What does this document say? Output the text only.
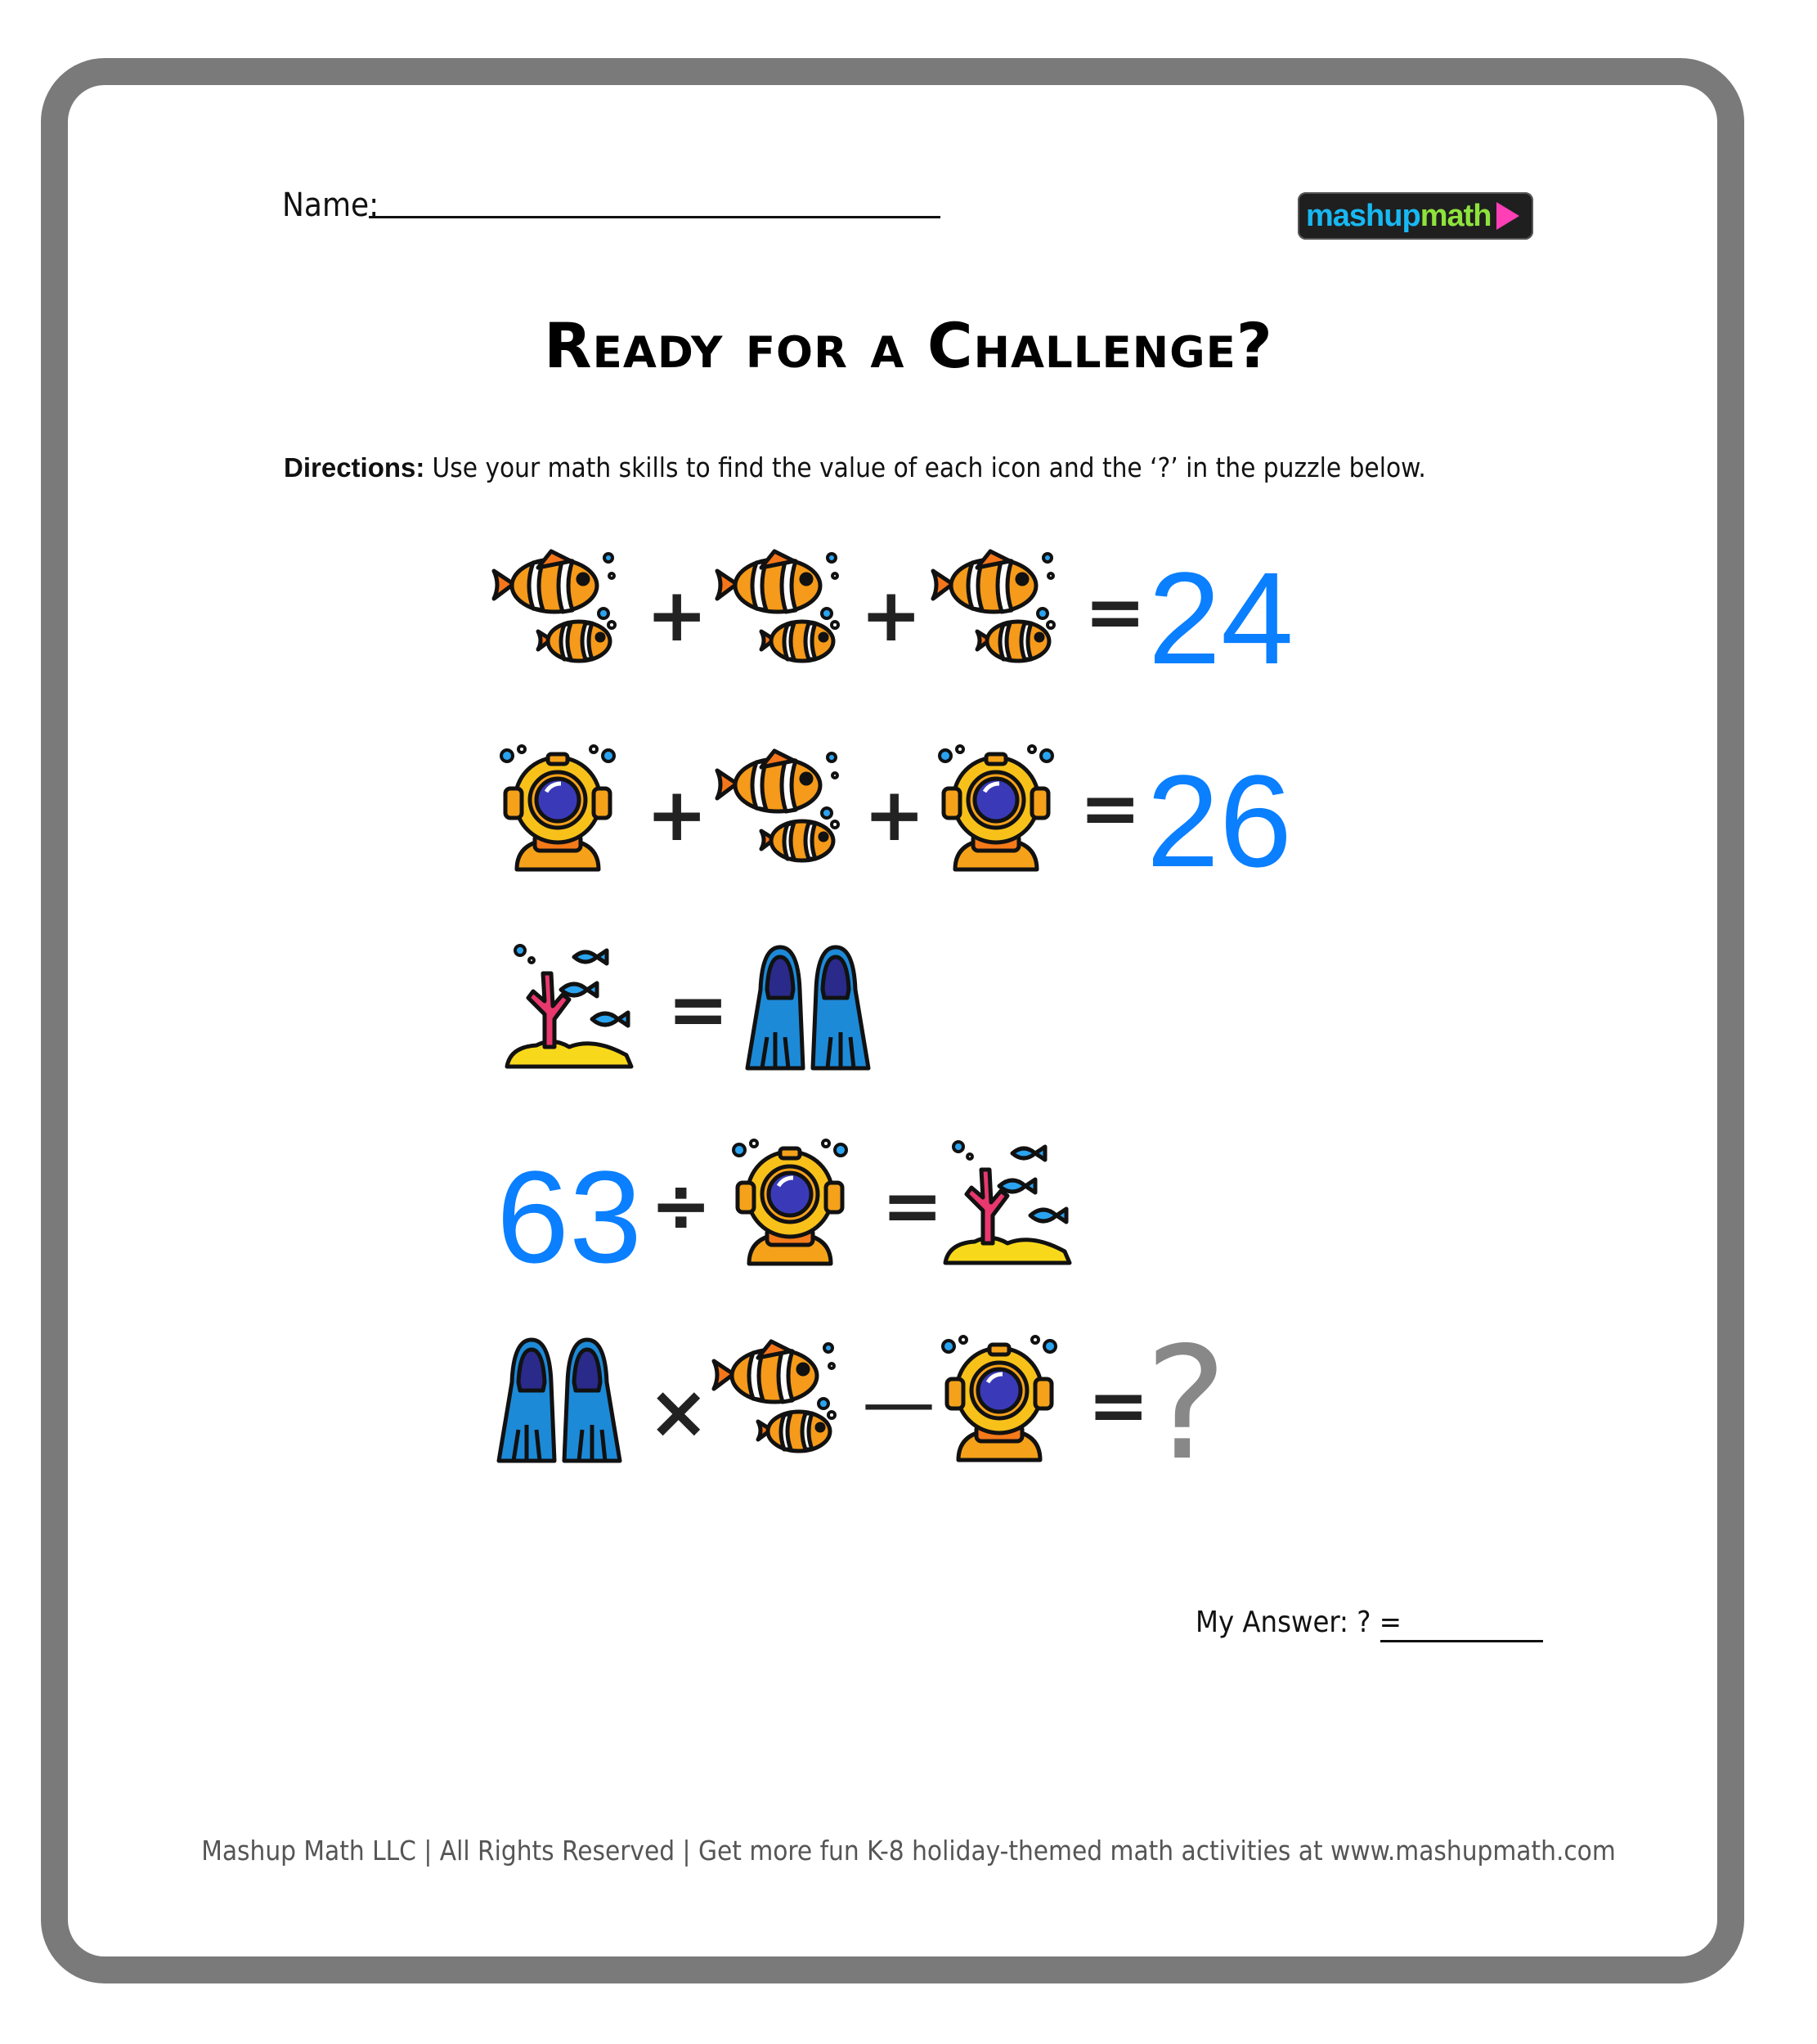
Name:	mashup math
Ready for a Challenge?
Directions: Use your math skills to find the value of each icon and the ‘?’ in the puzzle below.
+ + = 24
+ + = 26
=
63 ÷ =
× — =
?
My Answer: ? =
Mashup Math LLC | All Rights Reserved | Get more fun K-8 holiday-themed math activities at www.mashupmath.com
